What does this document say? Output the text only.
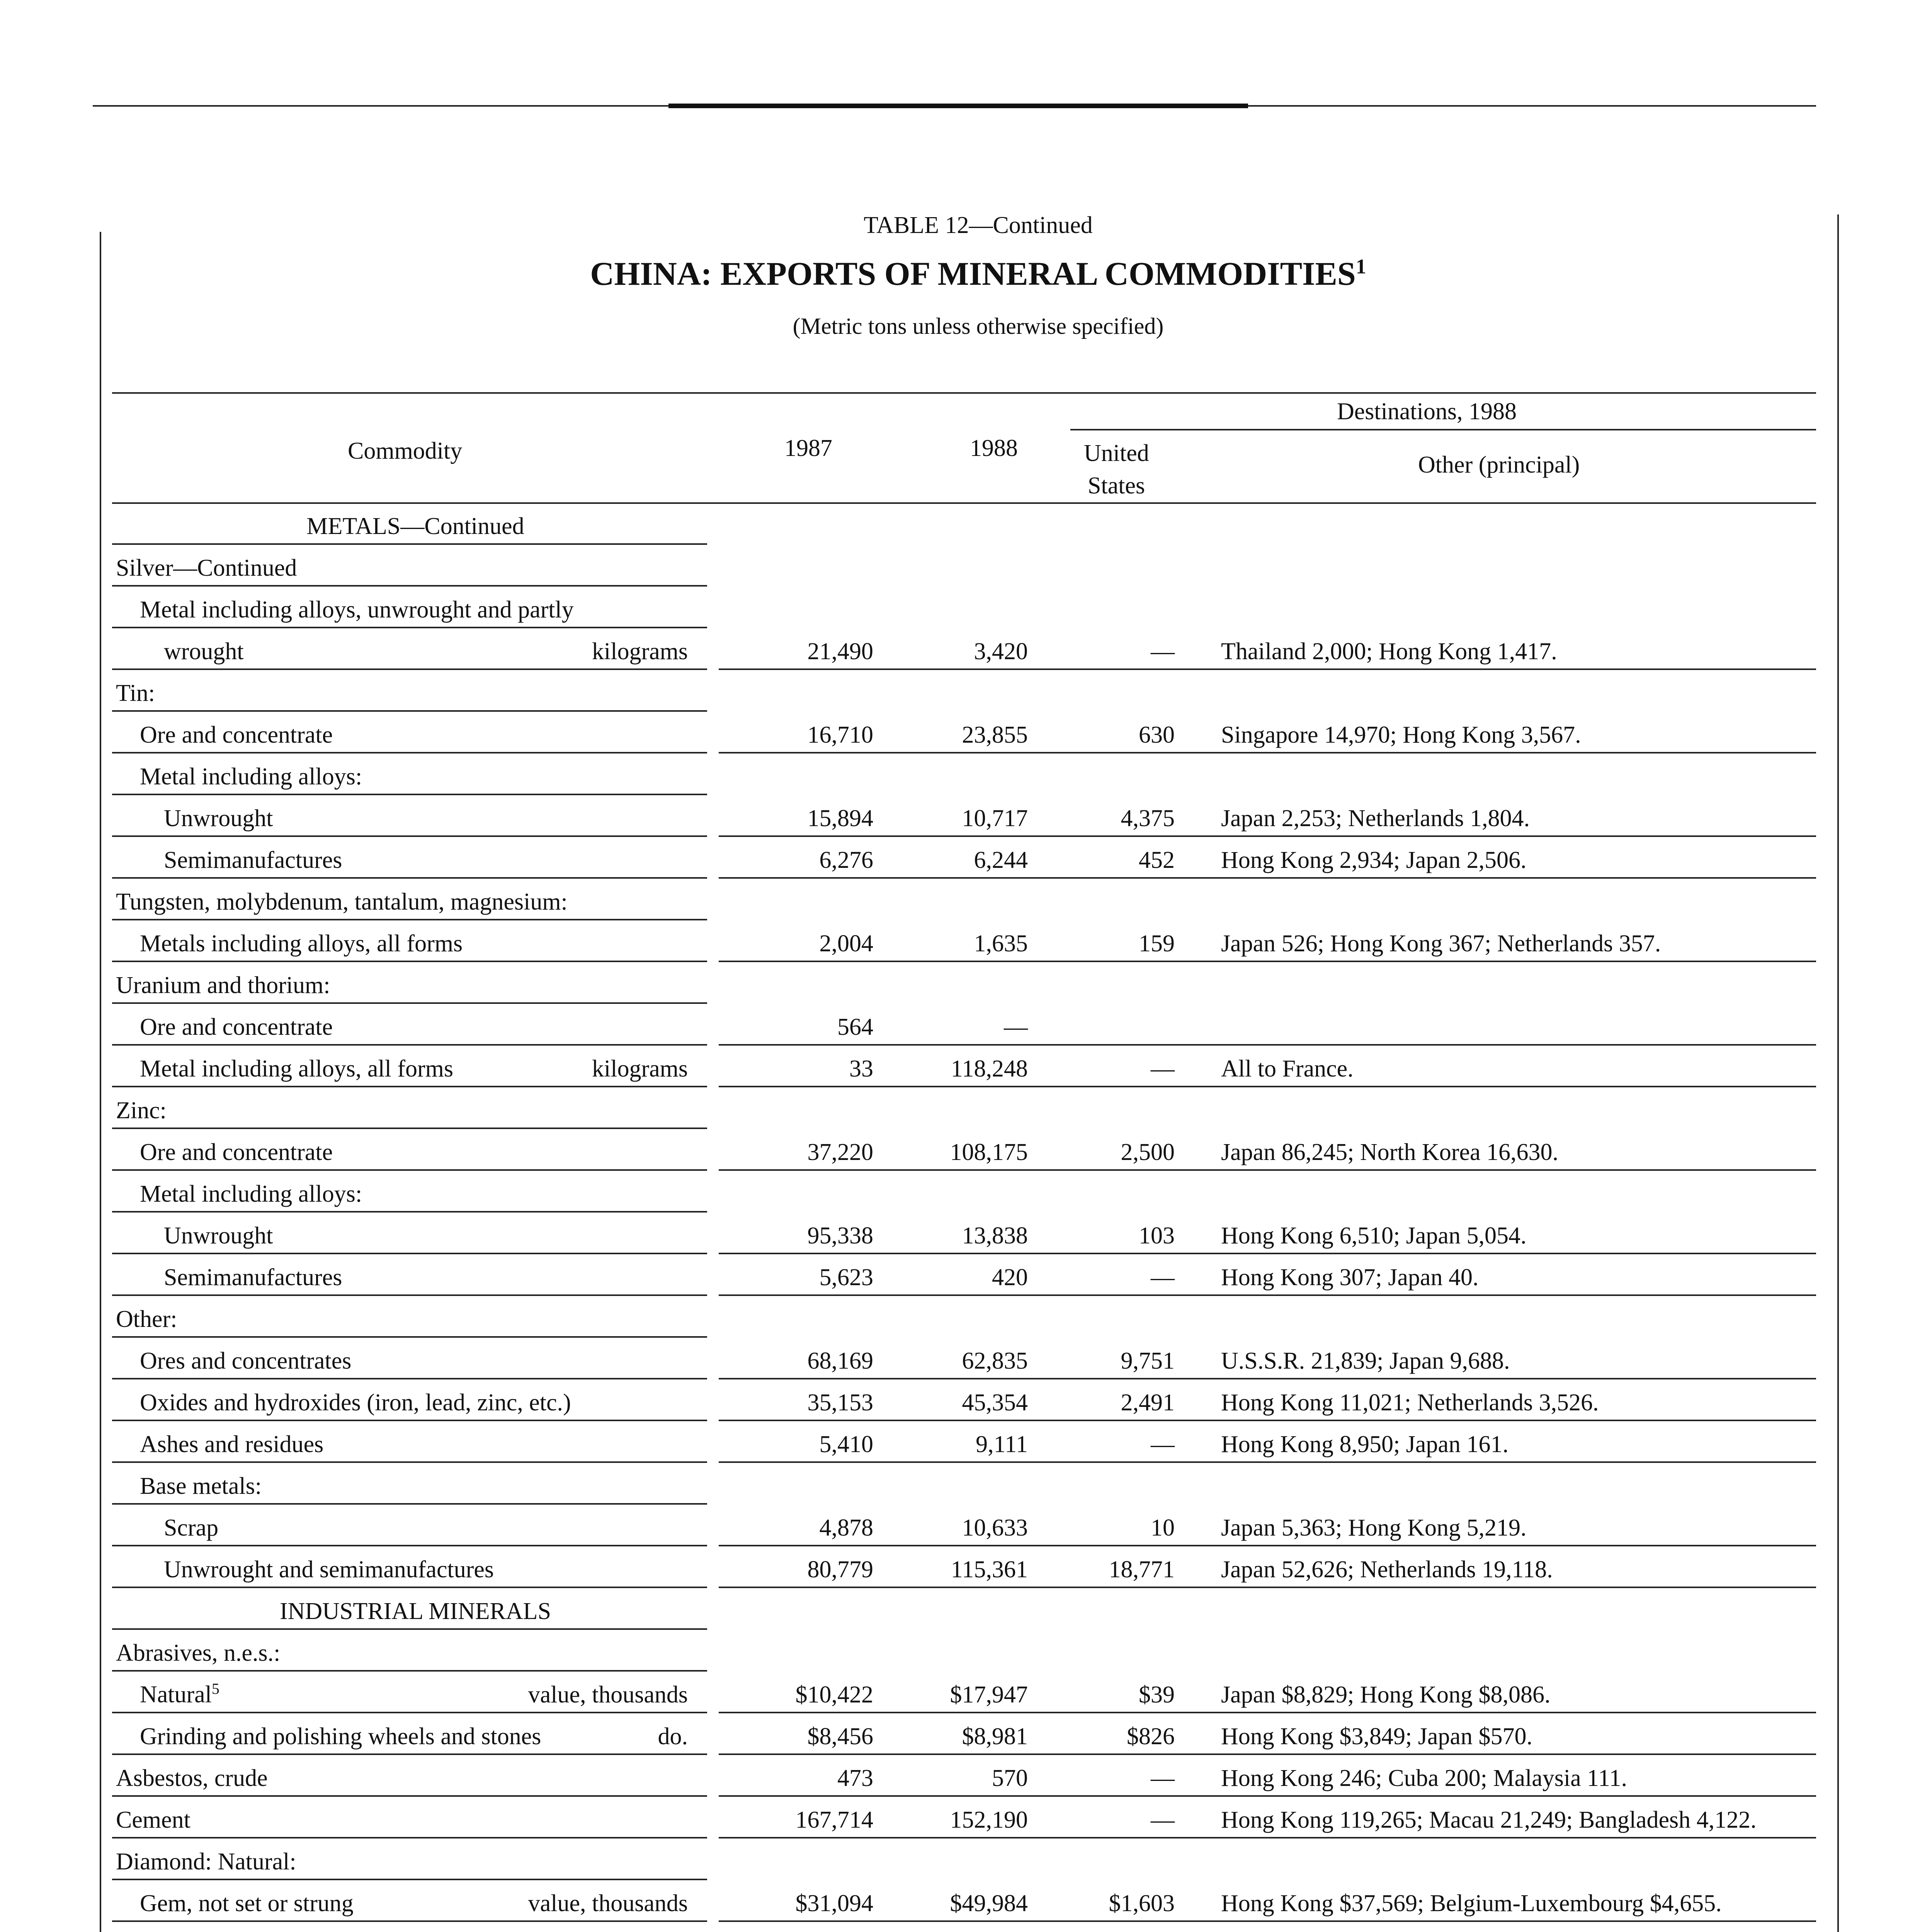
TABLE 12—Continued
CHINA: EXPORTS OF MINERAL COMMODITIES$^1$
(Metric tons unless otherwise specified)
Destinations, 1988
Commodity	1987	1988	United
States
Other (principal)
METALS—Continued
Silver—Continued
Metal including alloys, unwrought and partly
wrought	kilograms	21,490	3,420	— Thailand 2,000; Hong Kong 1,417.
Tin:
Ore and concentrate	16,710	23,855	630 Singapore 14,970; Hong Kong 3,567.
Metal including alloys:
Unwrought	15,894	10,717	4,375 Japan 2,253; Netherlands 1,804.
Semimanufactures	6,276	6,244	452 Hong Kong 2,934; Japan 2,506.
Tungsten, molybdenum, tantalum, magnesium:
Metals including alloys, all forms	2,004	1,635	159 Japan 526; Hong Kong 367; Netherlands 357.
Uranium and thorium:
Ore and concentrate	564	—
Metal including alloys, all forms	kilograms	33	118,248	— All to France.
Zinc:
Ore and concentrate	37,220	108,175	2,500 Japan 86,245; North Korea 16,630.
Metal including alloys:
Unwrought	95,338	13,838	103 Hong Kong 6,510; Japan 5,054.
Semimanufactures	5,623	420	— Hong Kong 307; Japan 40.
Other:
Ores and concentrates	68,169	62,835	9,751 U.S.S.R. 21,839; Japan 9,688.
Oxides and hydroxides (iron, lead, zinc, etc.)	35,153	45,354	2,491 Hong Kong 11,021; Netherlands 3,526.
Ashes and residues	5,410	9,111	— Hong Kong 8,950; Japan 161.
Base metals:
Scrap	4,878	10,633	10 Japan 5,363; Hong Kong 5,219.
Unwrought and semimanufactures	80,779	115,361	18,771 Japan 52,626; Netherlands 19,118.
INDUSTRIAL MINERALS
Abrasives, n.e.s.:
Natural$^5$	value, thousands	$10,422	$17,947	$39 Japan $8,829; Hong Kong $8,086.
Grinding and polishing wheels and stones	do.	$8,456	$8,981	$826 Hong Kong $3,849; Japan $570.
Asbestos, crude	473	570	— Hong Kong 246; Cuba 200; Malaysia 111.
Cement	167,714	152,190	— Hong Kong 119,265; Macau 21,249; Bangladesh 4,122.
Diamond: Natural:
Gem, not set or strung	value, thousands	$31,094	$49,984	$1,603 Hong Kong $37,569; Belgium-Luxembourg $4,655.
